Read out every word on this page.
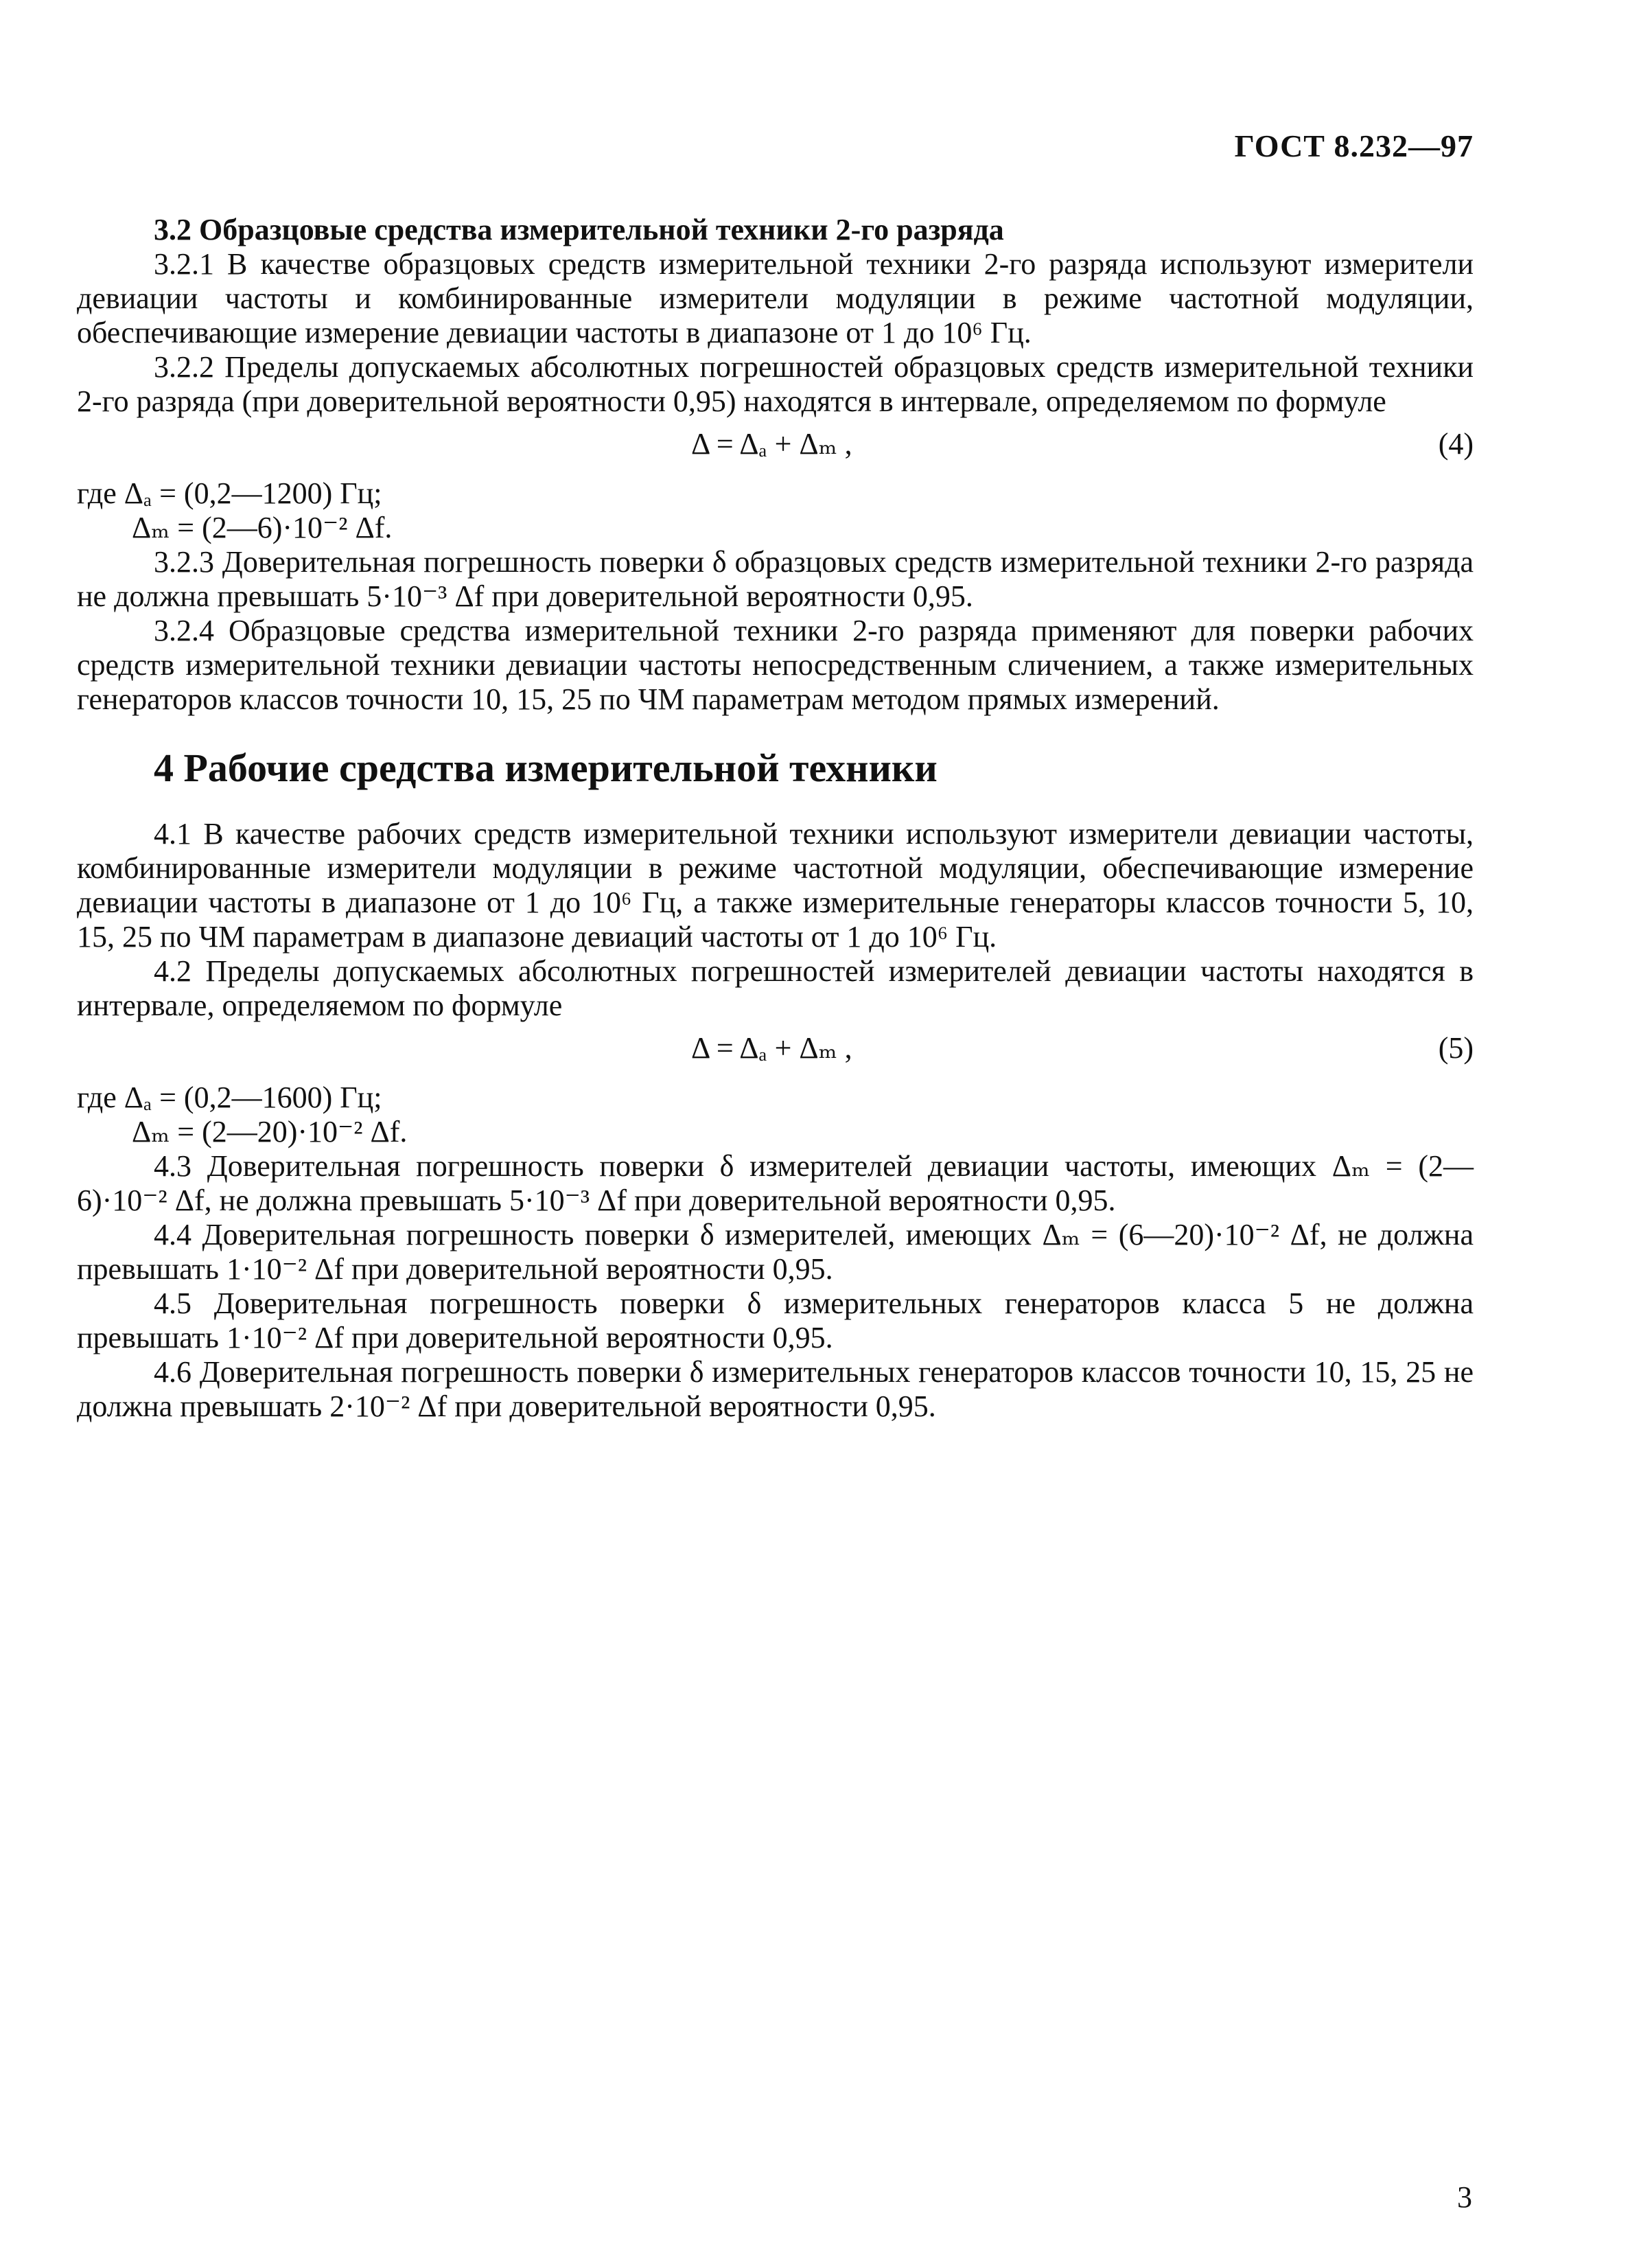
ГОСТ 8.232—97

3.2 Образцовые средства измерительной техники 2-го разряда

3.2.1 В качестве образцовых средств измерительной техники 2-го разряда используют измерители девиации частоты и комбинированные измерители модуляции в режиме частотной модуляции, обеспечивающие измерение девиации частоты в диапазоне от 1 до 10⁶ Гц.

3.2.2 Пределы допускаемых абсолютных погрешностей образцовых средств измерительной техники 2-го разряда (при доверительной вероятности 0,95) находятся в интервале, определяемом по формуле

Δ = Δₐ + Δₘ ,	(4)

где Δₐ = (0,2—1200) Гц;

Δₘ = (2—6)·10⁻² Δf.

3.2.3 Доверительная погрешность поверки δ образцовых средств измерительной техники 2-го разряда не должна превышать 5·10⁻³ Δf при доверительной вероятности 0,95.

3.2.4 Образцовые средства измерительной техники 2-го разряда применяют для поверки рабочих средств измерительной техники девиации частоты непосредственным сличением, а также измерительных генераторов классов точности 10, 15, 25 по ЧМ параметрам методом прямых измерений.

4 Рабочие средства измерительной техники

4.1 В качестве рабочих средств измерительной техники используют измерители девиации частоты, комбинированные измерители модуляции в режиме частотной модуляции, обеспечивающие измерение девиации частоты в диапазоне от 1 до 10⁶ Гц, а также измерительные генераторы классов точности 5, 10, 15, 25 по ЧМ параметрам в диапазоне девиаций частоты от 1 до 10⁶ Гц.

4.2 Пределы допускаемых абсолютных погрешностей измерителей девиации частоты находятся в интервале, определяемом по формуле

Δ = Δₐ + Δₘ ,	(5)

где Δₐ = (0,2—1600) Гц;

Δₘ = (2—20)·10⁻² Δf.

4.3 Доверительная погрешность поверки δ измерителей девиации частоты, имеющих Δₘ = (2—6)·10⁻² Δf, не должна превышать 5·10⁻³ Δf при доверительной вероятности 0,95.

4.4 Доверительная погрешность поверки δ измерителей, имеющих Δₘ = (6—20)·10⁻² Δf, не должна превышать 1·10⁻² Δf при доверительной вероятности 0,95.

4.5 Доверительная погрешность поверки δ измерительных генераторов класса 5 не должна превышать 1·10⁻² Δf при доверительной вероятности 0,95.

4.6 Доверительная погрешность поверки δ измерительных генераторов классов точности 10, 15, 25 не должна превышать 2·10⁻² Δf при доверительной вероятности 0,95.

3
